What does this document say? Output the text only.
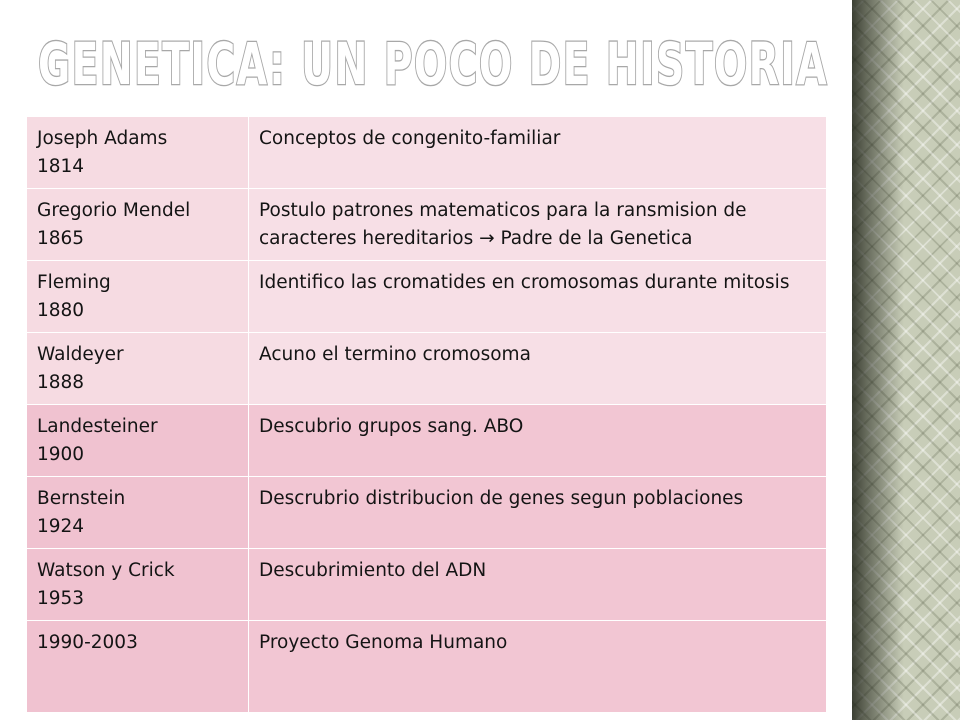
GENETICA: UN POCO DE HISTORIA
Joseph Adams
1814	Conceptos de congenito-familiar

Gregorio Mendel
1865	Postulo patrones matematicos para la ransmision de caracteres hereditarios → Padre de la Genetica

Fleming
1880	Identifico las cromatides en cromosomas durante mitosis

Waldeyer
1888	Acuno el termino cromosoma

Landesteiner
1900	Descubrio grupos sang. ABO

Bernstein
1924	Descrubrio distribucion de genes segun poblaciones

Watson y Crick
1953	Descubrimiento del ADN

1990-2003	Proyecto Genoma Humano
